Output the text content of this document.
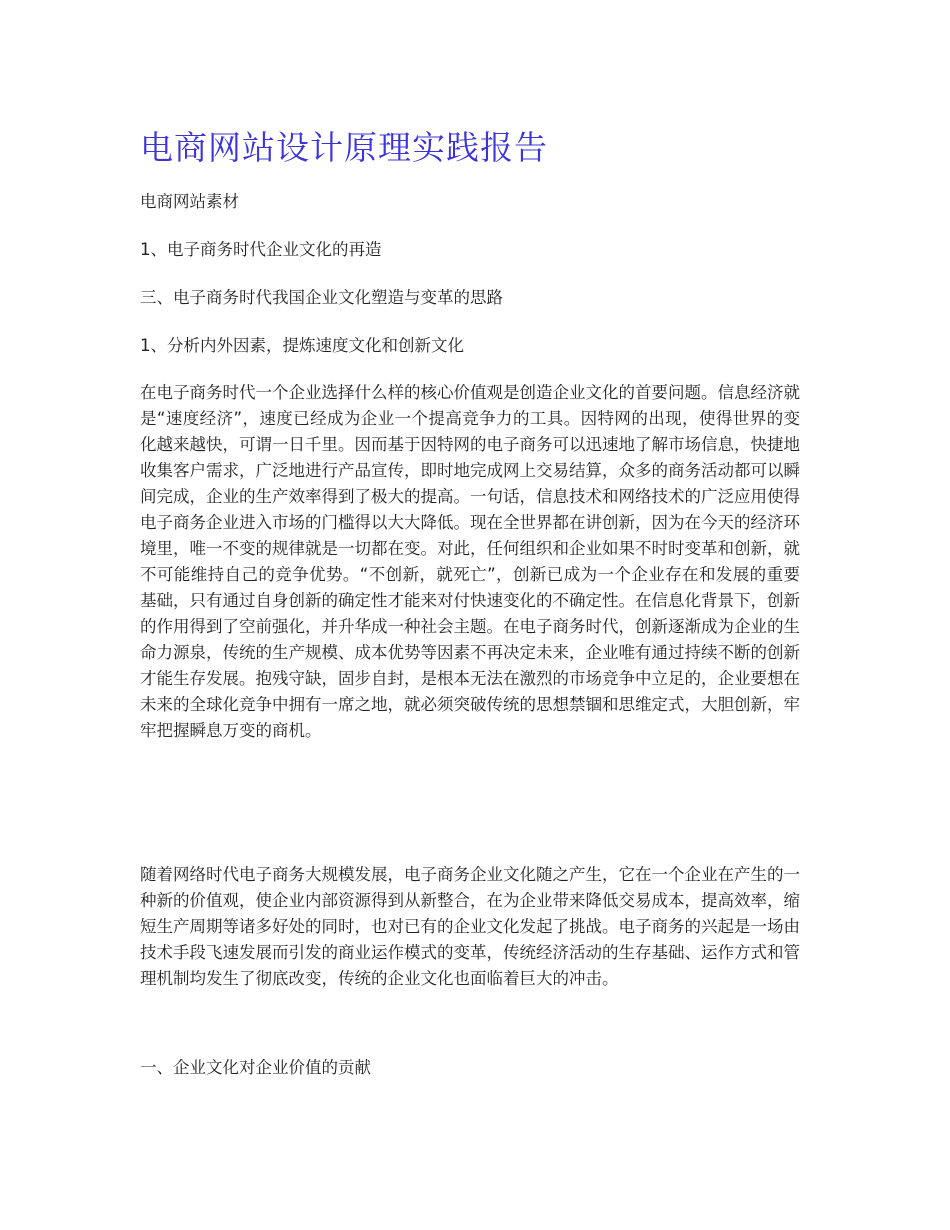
电商网站设计原理实践报告

电商网站素材

1、电子商务时代企业文化的再造

三、电子商务时代我国企业文化塑造与变革的思路

1、分析内外因素，提炼速度文化和创新文化

在电子商务时代一个企业选择什么样的核心价值观是创造企业文化的首要问题。信息经济就是“速度经济”，速度已经成为企业一个提高竞争力的工具。因特网的出现，使得世界的变化越来越快，可谓一日千里。因而基于因特网的电子商务可以迅速地了解市场信息，快捷地收集客户需求，广泛地进行产品宣传，即时地完成网上交易结算，众多的商务活动都可以瞬间完成，企业的生产效率得到了极大的提高。一句话，信息技术和网络技术的广泛应用使得电子商务企业进入市场的门槛得以大大降低。现在全世界都在讲创新，因为在今天的经济环境里，唯一不变的规律就是一切都在变。对此，任何组织和企业如果不时时变革和创新，就不可能维持自己的竞争优势。“不创新，就死亡”，创新已成为一个企业存在和发展的重要基础，只有通过自身创新的确定性才能来对付快速变化的不确定性。在信息化背景下，创新的作用得到了空前强化，并升华成一种社会主题。在电子商务时代，创新逐渐成为企业的生命力源泉，传统的生产规模、成本优势等因素不再决定未来，企业唯有通过持续不断的创新才能生存发展。抱残守缺，固步自封，是根本无法在激烈的市场竞争中立足的，企业要想在未来的全球化竞争中拥有一席之地，就必须突破传统的思想禁锢和思维定式，大胆创新，牢牢把握瞬息万变的商机。

随着网络时代电子商务大规模发展，电子商务企业文化随之产生，它在一个企业在产生的一种新的价值观，使企业内部资源得到从新整合，在为企业带来降低交易成本，提高效率，缩短生产周期等诸多好处的同时，也对已有的企业文化发起了挑战。电子商务的兴起是一场由技术手段飞速发展而引发的商业运作模式的变革，传统经济活动的生存基础、运作方式和管理机制均发生了彻底改变，传统的企业文化也面临着巨大的冲击。

一、企业文化对企业价值的贡献
